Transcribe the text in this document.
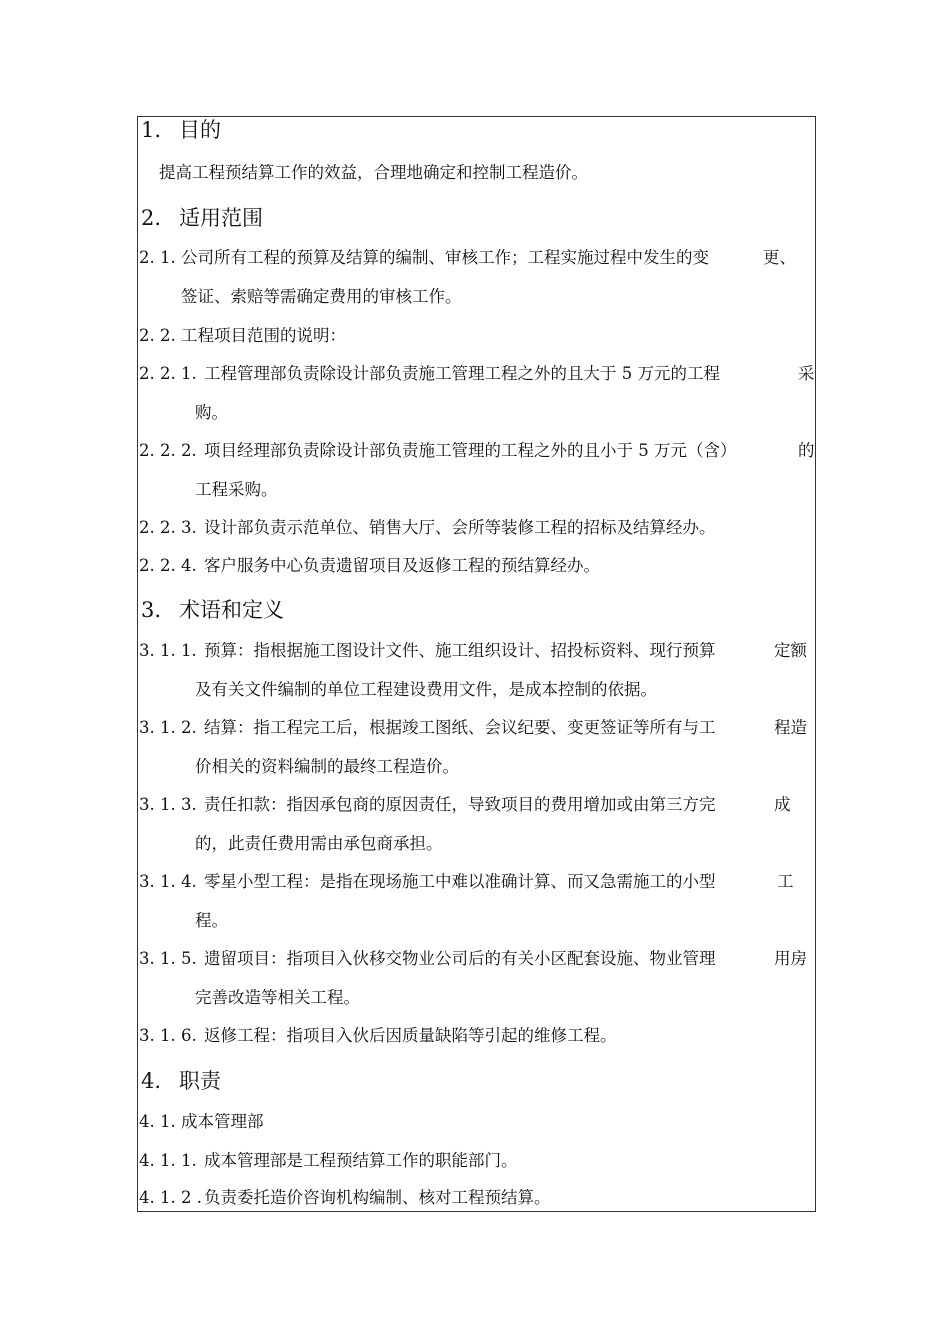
1. 目的
提高工程预结算工作的效益，合理地确定和控制工程造价。
2. 适用范围
2. 1. 公司所有工程的预算及结算的编制、审核工作；工程实施过程中发生的变	更、
签证、索赔等需确定费用的审核工作。
2. 2. 工程项目范围的说明：
2. 2. 1. 工程管理部负责除设计部负责施工管理工程之外的且大于 5 万元的工程	采
购。
2. 2. 2. 项目经理部负责除设计部负责施工管理的工程之外的且小于 5 万元（含）	的
工程采购。
2. 2. 3. 设计部负责示范单位、销售大厅、会所等装修工程的招标及结算经办。
2. 2. 4. 客户服务中心负责遗留项目及返修工程的预结算经办。
3. 术语和定义
3. 1. 1. 预算：指根据施工图设计文件、施工组织设计、招投标资料、现行预算	定额
及有关文件编制的单位工程建设费用文件，是成本控制的依据。
3. 1. 2. 结算：指工程完工后，根据竣工图纸、会议纪要、变更签证等所有与工	程造
价相关的资料编制的最终工程造价。
3. 1. 3. 责任扣款：指因承包商的原因责任，导致项目的费用增加或由第三方完	成
的，此责任费用需由承包商承担。
3. 1. 4. 零星小型工程：是指在现场施工中难以准确计算、而又急需施工的小型	工
程。
3. 1. 5. 遗留项目：指项目入伙移交物业公司后的有关小区配套设施、物业管理	用房
完善改造等相关工程。
3. 1. 6. 返修工程：指项目入伙后因质量缺陷等引起的维修工程。
4. 职责
4. 1. 成本管理部
4. 1. 1. 成本管理部是工程预结算工作的职能部门。
4. 1. 2 . 负责委托造价咨询机构编制、核对工程预结算。
